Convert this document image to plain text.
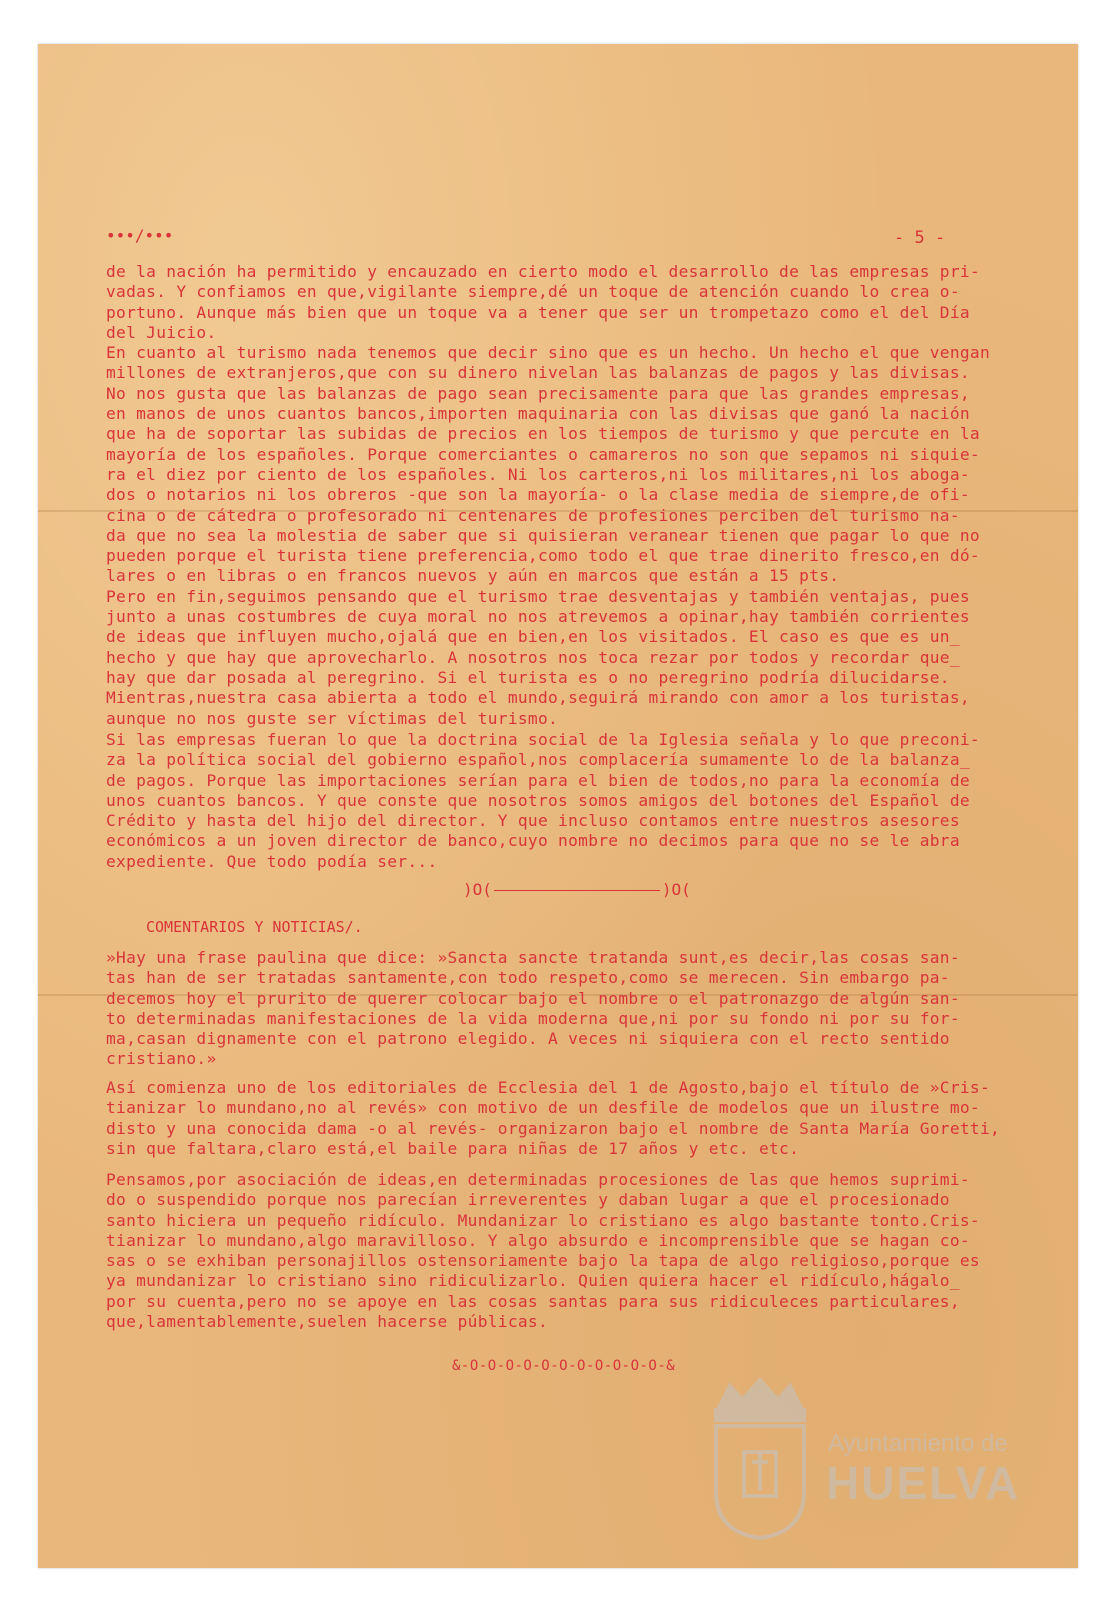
•••/•••	- 5 -
de la nación ha permitido y encauzado en cierto modo el desarrollo de las empresas pri-
vadas. Y confiamos en que,vigilante siempre,dé un toque de atención cuando lo crea o-
portuno. Aunque más bien que un toque va a tener que ser un trompetazo como el del Día
del Juicio.
En cuanto al turismo nada tenemos que decir sino que es un hecho. Un hecho el que vengan
millones de extranjeros,que con su dinero nivelan las balanzas de pagos y las divisas.
No nos gusta que las balanzas de pago sean precisamente para que las grandes empresas,
en manos de unos cuantos bancos,importen maquinaria con las divisas que ganó la nación
que ha de soportar las subidas de precios en los tiempos de turismo y que percute en la
mayoría de los españoles. Porque comerciantes o camareros no son que sepamos ni siquie-
ra el diez por ciento de los españoles. Ni los carteros,ni los militares,ni los aboga-
dos o notarios ni los obreros -que son la mayoría- o la clase media de siempre,de ofi-
cina o de cátedra o profesorado ni centenares de profesiones perciben del turismo na-
da que no sea la molestia de saber que si quisieran veranear tienen que pagar lo que no
pueden porque el turista tiene preferencia,como todo el que trae dinerito fresco,en dó-
lares o en libras o en francos nuevos y aún en marcos que están a 15 pts.
Pero en fin,seguimos pensando que el turismo trae desventajas y también ventajas, pues
junto a unas costumbres de cuya moral no nos atrevemos a opinar,hay también corrientes
de ideas que influyen mucho,ojalá que en bien,en los visitados. El caso es que es un_
hecho y que hay que aprovecharlo. A nosotros nos toca rezar por todos y recordar que_
hay que dar posada al peregrino. Si el turista es o no peregrino podría dilucidarse.
Mientras,nuestra casa abierta a todo el mundo,seguirá mirando con amor a los turistas,
aunque no nos guste ser víctimas del turismo.
Si las empresas fueran lo que la doctrina social de la Iglesia señala y lo que preconi-
za la política social del gobierno español,nos complacería sumamente lo de la balanza_
de pagos. Porque las importaciones serían para el bien de todos,no para la economía de
unos cuantos bancos. Y que conste que nosotros somos amigos del botones del Español de
Crédito y hasta del hijo del director. Y que incluso contamos entre nuestros asesores
económicos a un joven director de banco,cuyo nombre no decimos para que no se le abra
expediente. Que todo podía ser...
)O(	)O(
COMENTARIOS Y NOTICIAS/.
»Hay una frase paulina que dice: »Sancta sancte tratanda sunt,es decir,las cosas san-
tas han de ser tratadas santamente,con todo respeto,como se merecen. Sin embargo pa-
decemos hoy el prurito de querer colocar bajo el nombre o el patronazgo de algún san-
to determinadas manifestaciones de la vida moderna que,ni por su fondo ni por su for-
ma,casan dignamente con el patrono elegido. A veces ni siquiera con el recto sentido
cristiano.»
Así comienza uno de los editoriales de Ecclesia del 1 de Agosto,bajo el título de »Cris-
tianizar lo mundano,no al revés» con motivo de un desfile de modelos que un ilustre mo-
disto y una conocida dama -o al revés- organizaron bajo el nombre de Santa María Goretti,
sin que faltara,claro está,el baile para niñas de 17 años y etc. etc.
Pensamos,por asociación de ideas,en determinadas procesiones de las que hemos suprimi-
do o suspendido porque nos parecían irreverentes y daban lugar a que el procesionado
santo hiciera un pequeño ridículo. Mundanizar lo cristiano es algo bastante tonto.Cris-
tianizar lo mundano,algo maravilloso. Y algo absurdo e incomprensible que se hagan co-
sas o se exhiban personajillos ostensoriamente bajo la tapa de algo religioso,porque es
ya mundanizar lo cristiano sino ridiculizarlo. Quien quiera hacer el ridículo,hágalo_
por su cuenta,pero no se apoye en las cosas santas para sus ridiculeces particulares,
que,lamentablemente,suelen hacerse públicas.
&-O-O-O-O-O-O-O-O-O-O-O-&
Ayuntamiento de
HUELVA
